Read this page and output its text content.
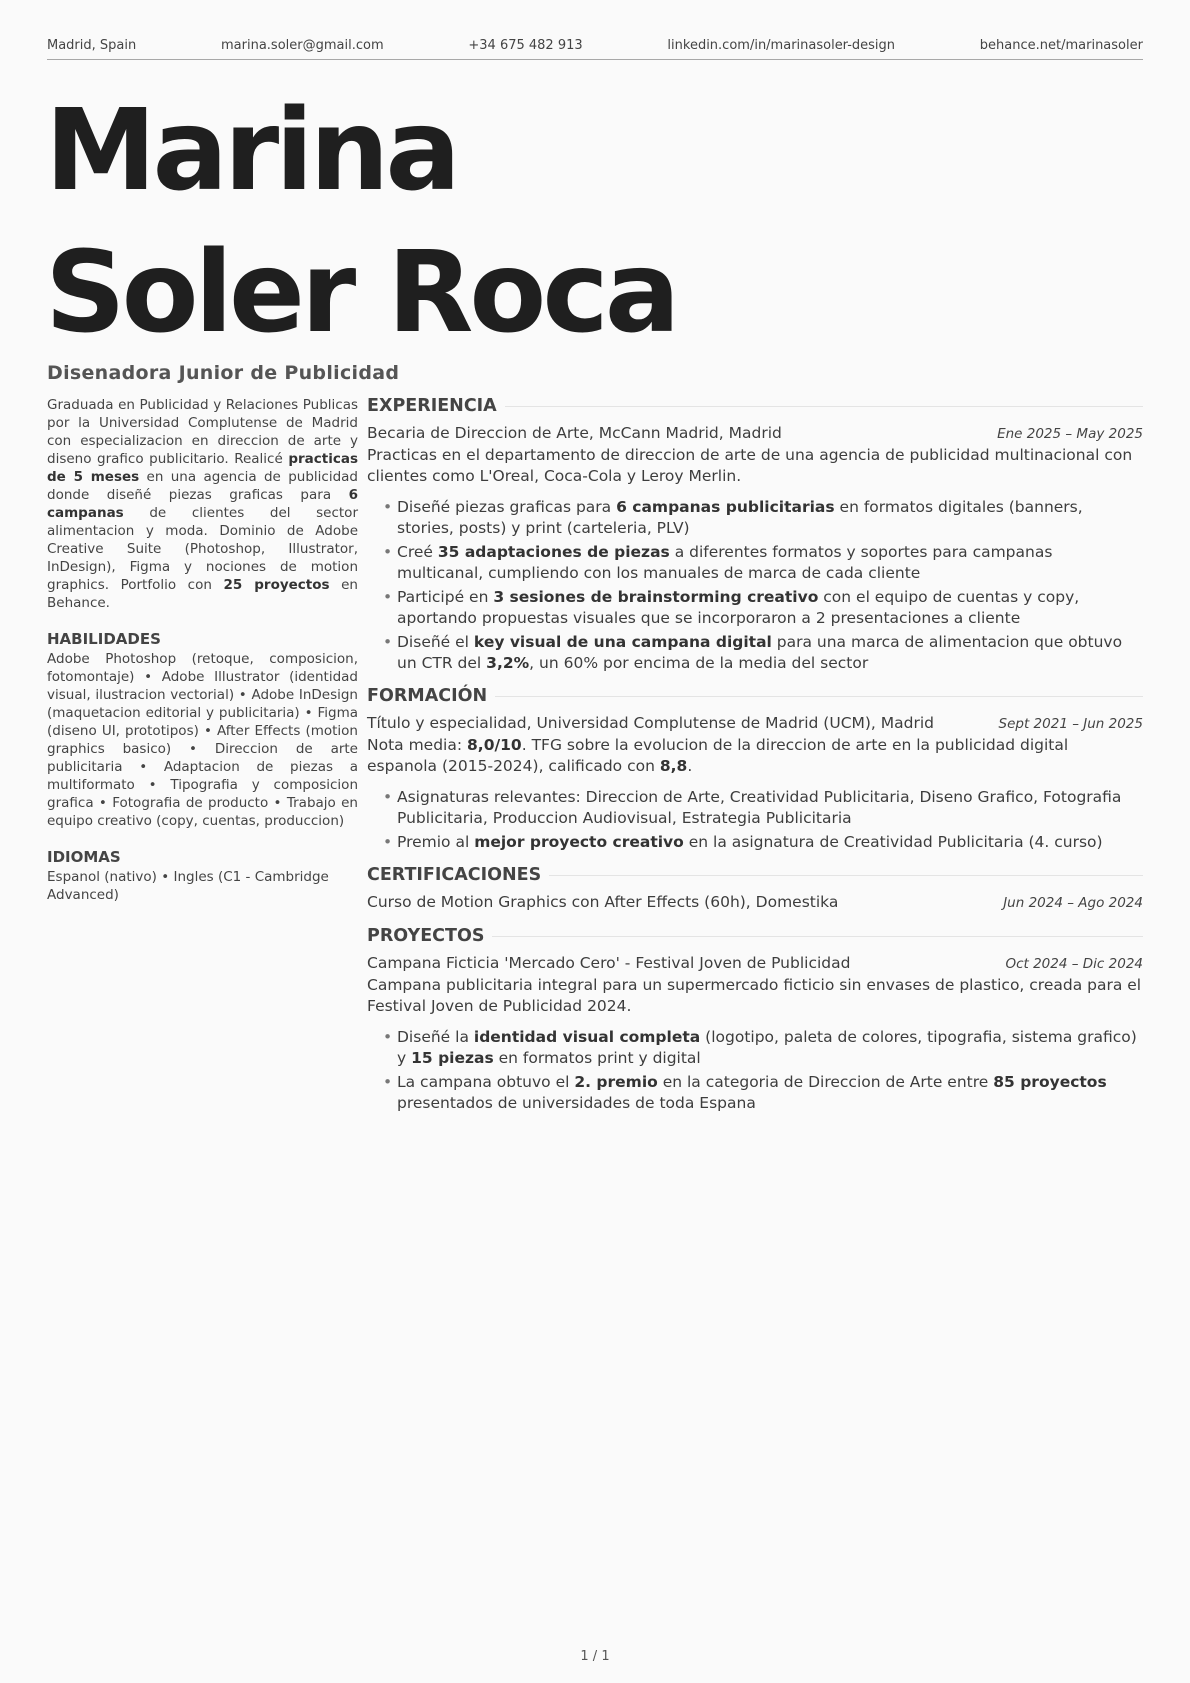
Madrid, Spain	marina.soler@gmail.com	+34 675 482 913	linkedin.com/in/marinasoler-design	behance.net/marinasoler
Marina
Soler Roca
Disenadora Junior de Publicidad

Graduada en Publicidad y Relaciones Publicas por la Universidad Complutense de Madrid con especializacion en direccion de arte y diseno grafico publicitario. Realicé practicas de 5 meses en una agencia de publicidad donde diseñé piezas graficas para 6 campanas de clientes del sector alimentacion y moda. Dominio de Adobe Creative Suite (Photoshop, Illustrator, InDesign), Figma y nociones de motion graphics. Portfolio con 25 proyectos en Behance.

HABILIDADES

Adobe Photoshop (retoque, composicion, fotomontaje) • Adobe Illustrator (identidad visual, ilustracion vectorial) • Adobe InDesign (maquetacion editorial y publicitaria) • Figma (diseno UI, prototipos) • After Effects (motion graphics basico) • Direccion de arte publicitaria • Adaptacion de piezas a multiformato • Tipografia y composicion grafica • Fotografia de producto • Trabajo en equipo creativo (copy, cuentas, produccion)

IDIOMAS

Espanol (nativo) • Ingles (C1 - Cambridge Advanced)

EXPERIENCIA
Becaria de Direccion de Arte, McCann Madrid, Madrid	Ene 2025 – May 2025

Practicas en el departamento de direccion de arte de una agencia de publicidad multinacional con clientes como L'Oreal, Coca-Cola y Leroy Merlin.

• Diseñé piezas graficas para 6 campanas publicitarias en formatos digitales (banners, stories, posts) y print (carteleria, PLV)
• Creé 35 adaptaciones de piezas a diferentes formatos y soportes para campanas multicanal, cumpliendo con los manuales de marca de cada cliente
• Participé en 3 sesiones de brainstorming creativo con el equipo de cuentas y copy, aportando propuestas visuales que se incorporaron a 2 presentaciones a cliente
• Diseñé el key visual de una campana digital para una marca de alimentacion que obtuvo un CTR del 3,2%, un 60% por encima de la media del sector
FORMACIÓN
Título y especialidad, Universidad Complutense de Madrid (UCM), Madrid	Sept 2021 – Jun 2025

Nota media: 8,0/10. TFG sobre la evolucion de la direccion de arte en la publicidad digital espanola (2015-2024), calificado con 8,8.

• Asignaturas relevantes: Direccion de Arte, Creatividad Publicitaria, Diseno Grafico, Fotografia Publicitaria, Produccion Audiovisual, Estrategia Publicitaria
• Premio al mejor proyecto creativo en la asignatura de Creatividad Publicitaria (4. curso)
CERTIFICACIONES
Curso de Motion Graphics con After Effects (60h), Domestika	Jun 2024 – Ago 2024
PROYECTOS
Campana Ficticia 'Mercado Cero' - Festival Joven de Publicidad	Oct 2024 – Dic 2024

Campana publicitaria integral para un supermercado ficticio sin envases de plastico, creada para el Festival Joven de Publicidad 2024.

• Diseñé la identidad visual completa (logotipo, paleta de colores, tipografia, sistema grafico) y 15 piezas en formatos print y digital
• La campana obtuvo el 2. premio en la categoria de Direccion de Arte entre 85 proyectos presentados de universidades de toda Espana
1 / 1
